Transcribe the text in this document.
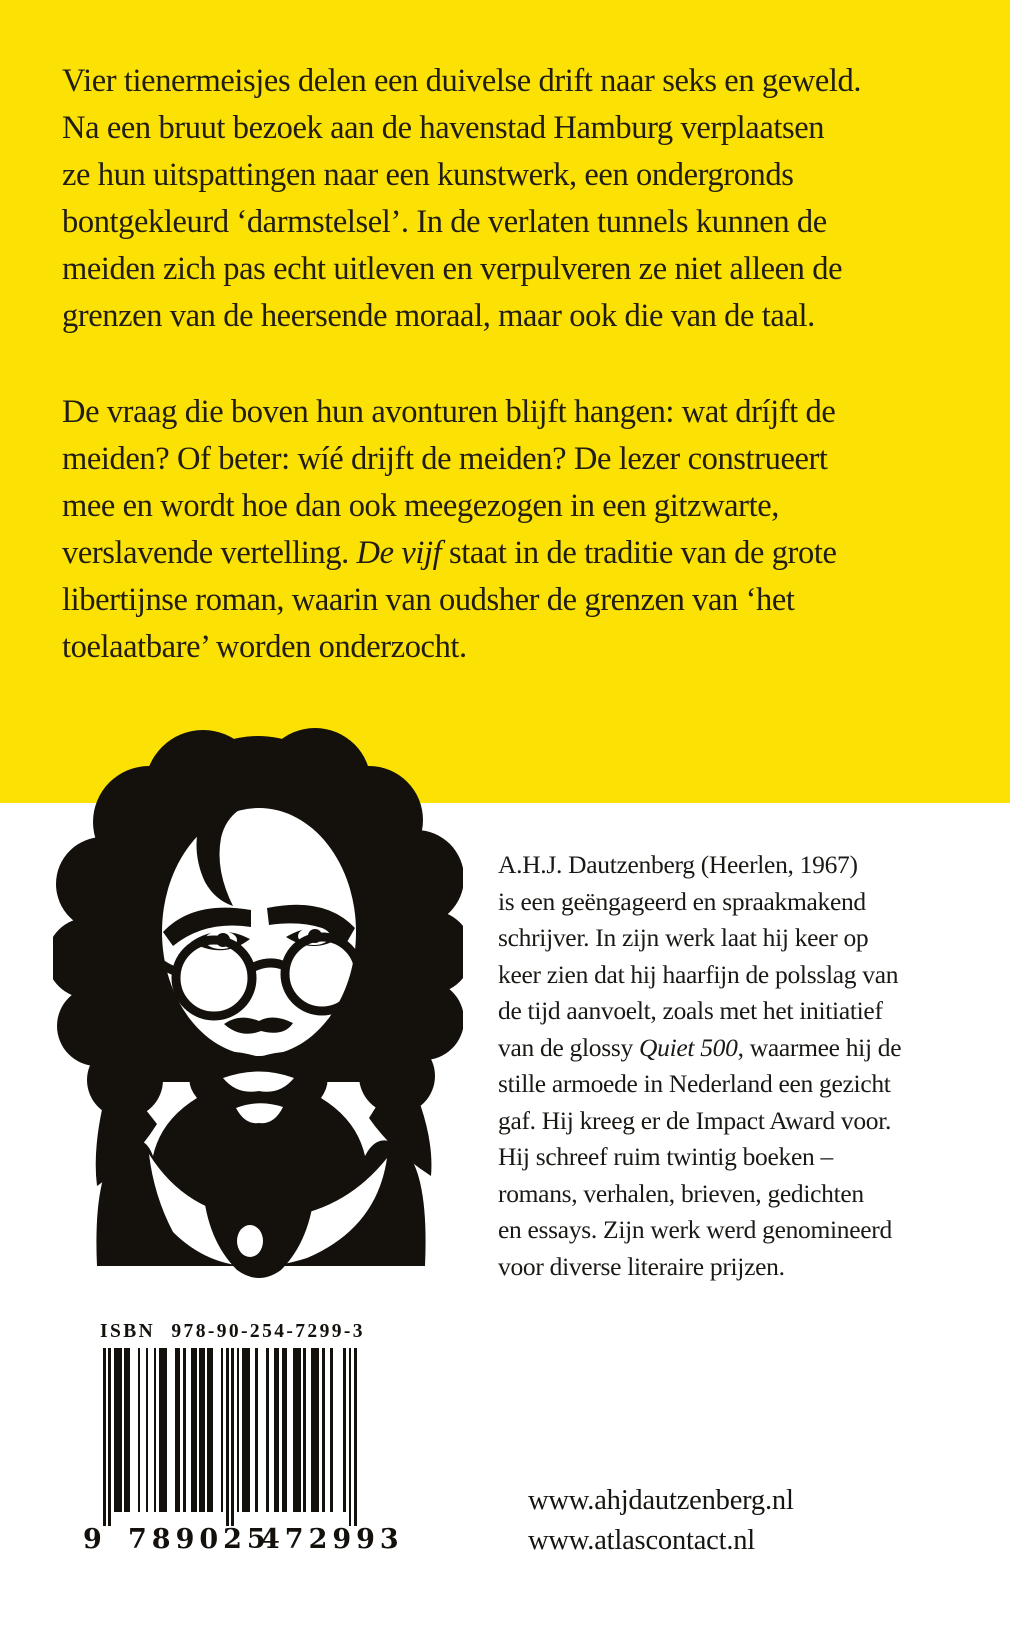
Vier tienermeisjes delen een duivelse drift naar seks en geweld.
Na een bruut bezoek aan de havenstad Hamburg verplaatsen
ze hun uitspattingen naar een kunstwerk, een ondergronds
bontgekleurd ‘darmstelsel’. In de verlaten tunnels kunnen de
meiden zich pas echt uitleven en verpulveren ze niet alleen de
grenzen van de heersende moraal, maar ook die van de taal.
De vraag die boven hun avonturen blijft hangen: wat dríjft de
meiden? Of beter: wíé drijft de meiden? De lezer construeert
mee en wordt hoe dan ook meegezogen in een gitzwarte,
verslavende vertelling. De vijf staat in de traditie van de grote
libertijnse roman, waarin van oudsher de grenzen van ‘het
toelaatbare’ worden onderzocht.
A.H.J. Dautzenberg (Heerlen, 1967)
is een geëngageerd en spraakmakend
schrijver. In zijn werk laat hij keer op
keer zien dat hij haarfijn de polsslag van
de tijd aanvoelt, zoals met het initiatief
van de glossy Quiet 500, waarmee hij de
stille armoede in Nederland een gezicht
gaf. Hij kreeg er de Impact Award voor.
Hij schreef ruim twintig boeken –
romans, verhalen, brieven, gedichten
en essays. Zijn werk werd genomineerd
voor diverse literaire prijzen.
ISBN 978-90-254-7299-3
9 789025
472993
www.ahjdautzenberg.nl
www.atlascontact.nl
